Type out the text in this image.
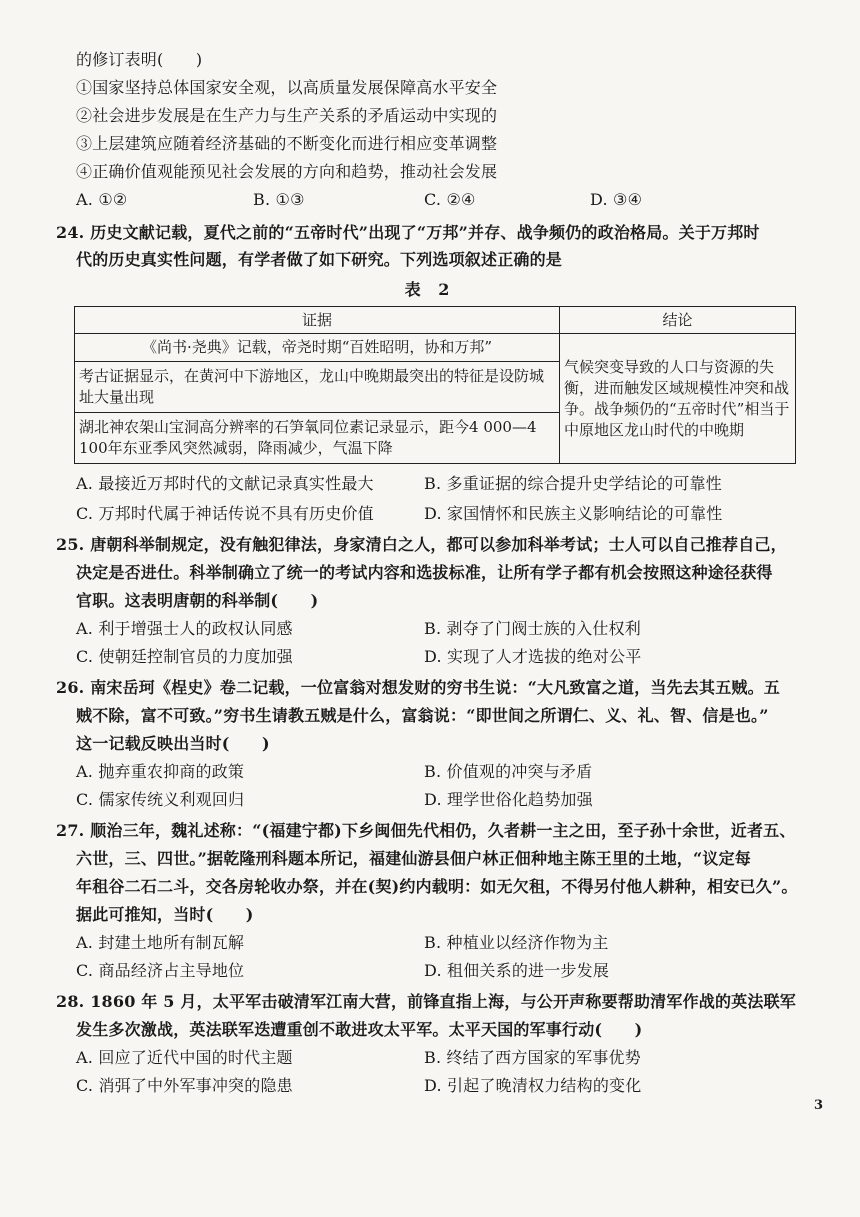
的修订表明(　　)
①国家坚持总体国家安全观，以高质量发展保障高水平安全
②社会进步发展是在生产力与生产关系的矛盾运动中实现的
③上层建筑应随着经济基础的不断变化而进行相应变革调整
④正确价值观能预见社会发展的方向和趋势，推动社会发展
A. ①②	B. ①③	C. ②④	D. ③④
24. 历史文献记载，夏代之前的“五帝时代”出现了“万邦”并存、战争频仍的政治格局。关于万邦时
代的历史真实性问题，有学者做了如下研究。下列选项叙述正确的是
表 2
证据	结论
《尚书·尧典》记载，帝尧时期“百姓昭明，协和万邦”	气候突变导致的人口与资源的失衡，进而触发区域规模性冲突和战争。战争频仍的“五帝时代”相当于中原地区龙山时代的中晚期
考古证据显示，在黄河中下游地区，龙山中晚期最突出的特征是设防城址大量出现	
湖北神农架山宝洞高分辨率的石笋氧同位素记录显示，距今4 000—4 100年东亚季风突然减弱，降雨减少，气温下降	
A. 最接近万邦时代的文献记录真实性最大	B. 多重证据的综合提升史学结论的可靠性
C. 万邦时代属于神话传说不具有历史价值	D. 家国情怀和民族主义影响结论的可靠性
25. 唐朝科举制规定，没有触犯律法，身家清白之人，都可以参加科举考试；士人可以自己推荐自己，
决定是否进仕。科举制确立了统一的考试内容和选拔标准，让所有学子都有机会按照这种途径获得
官职。这表明唐朝的科举制(　　)
A. 利于增强士人的政权认同感	B. 剥夺了门阀士族的入仕权利
C. 使朝廷控制官员的力度加强	D. 实现了人才选拔的绝对公平
26. 南宋岳珂《桯史》卷二记载，一位富翁对想发财的穷书生说：“大凡致富之道，当先去其五贼。五
贼不除，富不可致。”穷书生请教五贼是什么，富翁说：“即世间之所谓仁、义、礼、智、信是也。”
这一记载反映出当时(　　)
A. 抛弃重农抑商的政策	B. 价值观的冲突与矛盾
C. 儒家传统义利观回归	D. 理学世俗化趋势加强
27. 顺治三年，魏礼述称：“(福建宁都)下乡闽佃先代相仍，久者耕一主之田，至子孙十余世，近者五、
六世，三、四世。”据乾隆刑科题本所记，福建仙游县佃户林正佃种地主陈王里的土地，“议定每
年租谷二石二斗，交各房轮收办祭，并在(契)约内载明：如无欠租，不得另付他人耕种，相安已久”。
据此可推知，当时(　　)
A. 封建土地所有制瓦解	B. 种植业以经济作物为主
C. 商品经济占主导地位	D. 租佃关系的进一步发展
28. 1860 年 5 月，太平军击破清军江南大营，前锋直指上海，与公开声称要帮助清军作战的英法联军
发生多次激战，英法联军迭遭重创不敢进攻太平军。太平天国的军事行动(　　)
A. 回应了近代中国的时代主题	B. 终结了西方国家的军事优势
C. 消弭了中外军事冲突的隐患	D. 引起了晚清权力结构的变化
3
